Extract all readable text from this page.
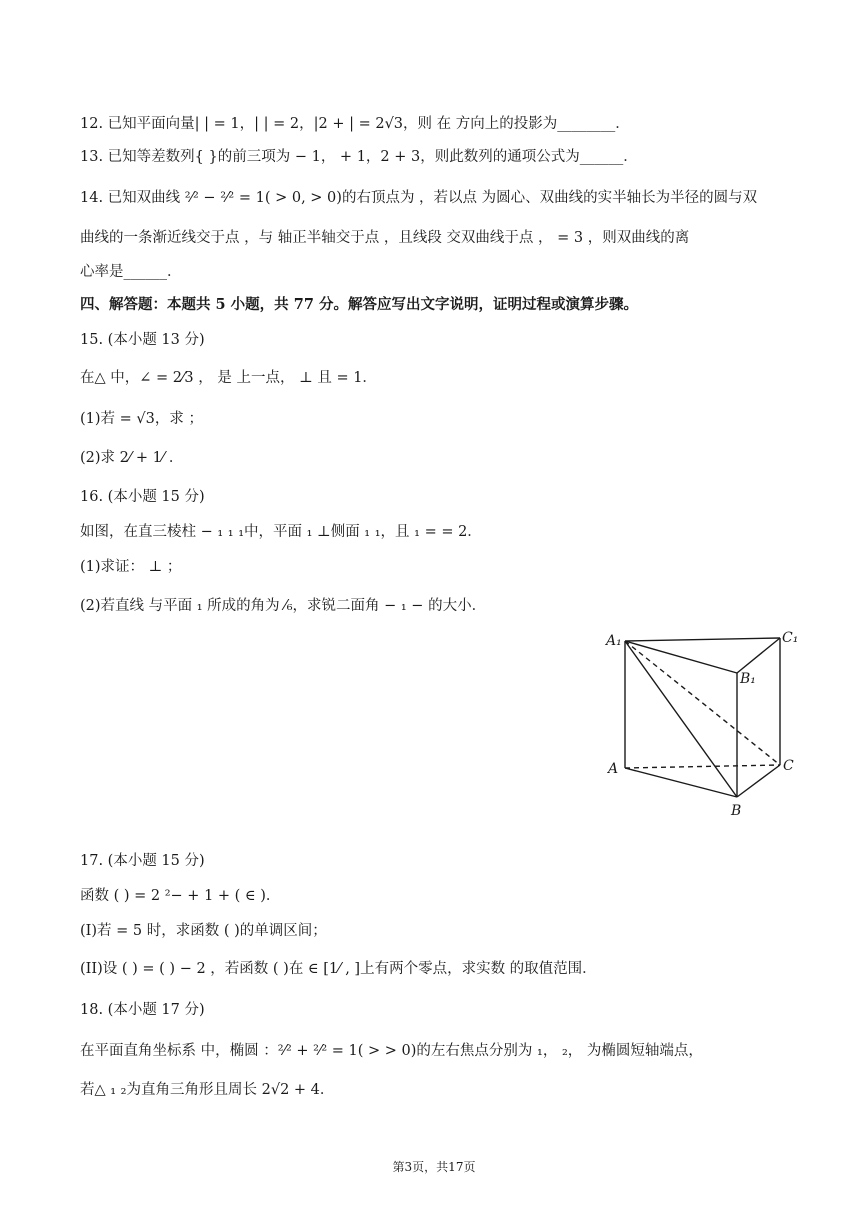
12. 已知平面向量| | = 1，| | = 2，|2 + | = 2√3，则 在 方向上的投影为________．
13. 已知等差数列{ }的前三项为 − 1， + 1，2 + 3，则此数列的通项公式为______．
14. 已知双曲线 ²⁄² − ²⁄² = 1( > 0, > 0)的右顶点为 ，若以点 为圆心、双曲线的实半轴长为半径的圆与双
曲线的一条渐近线交于点 ，与 轴正半轴交于点 ，且线段 交双曲线于点 ， = 3 ，则双曲线的离
心率是______．
四、解答题：本题共 5 小题，共 77 分。解答应写出文字说明，证明过程或演算步骤。
15. (本小题 13 分)
在△ 中，∠ = 2⁄3 ， 是 上一点， ⊥ 且 = 1．
(1)若 = √3，求 ；
(2)求 2⁄ + 1⁄ ．
16. (本小题 15 分)
如图，在直三棱柱 − ₁ ₁ ₁中，平面 ₁ ⊥侧面 ₁ ₁，且 ₁ = = 2．
(1)求证： ⊥ ；
(2)若直线 与平面 ₁ 所成的角为 ⁄₆，求锐二面角 − ₁ − 的大小．
17. (本小题 15 分)
函数 ( ) = 2 ²− + 1 + ( ∈ )．
(I)若 = 5 时，求函数 ( )的单调区间；
(II)设 ( ) = ( ) − 2 ，若函数 ( )在 ∈ [1⁄ , ]上有两个零点，求实数 的取值范围．
18. (本小题 17 分)
在平面直角坐标系 中，椭圆 ：²⁄² + ²⁄² = 1( > > 0)的左右焦点分别为 ₁， ₂， 为椭圆短轴端点，
若△ ₁ ₂为直角三角形且周长 2√2 + 4．
A₁	C₁
B₁
A	C
B
第3页，共17页
